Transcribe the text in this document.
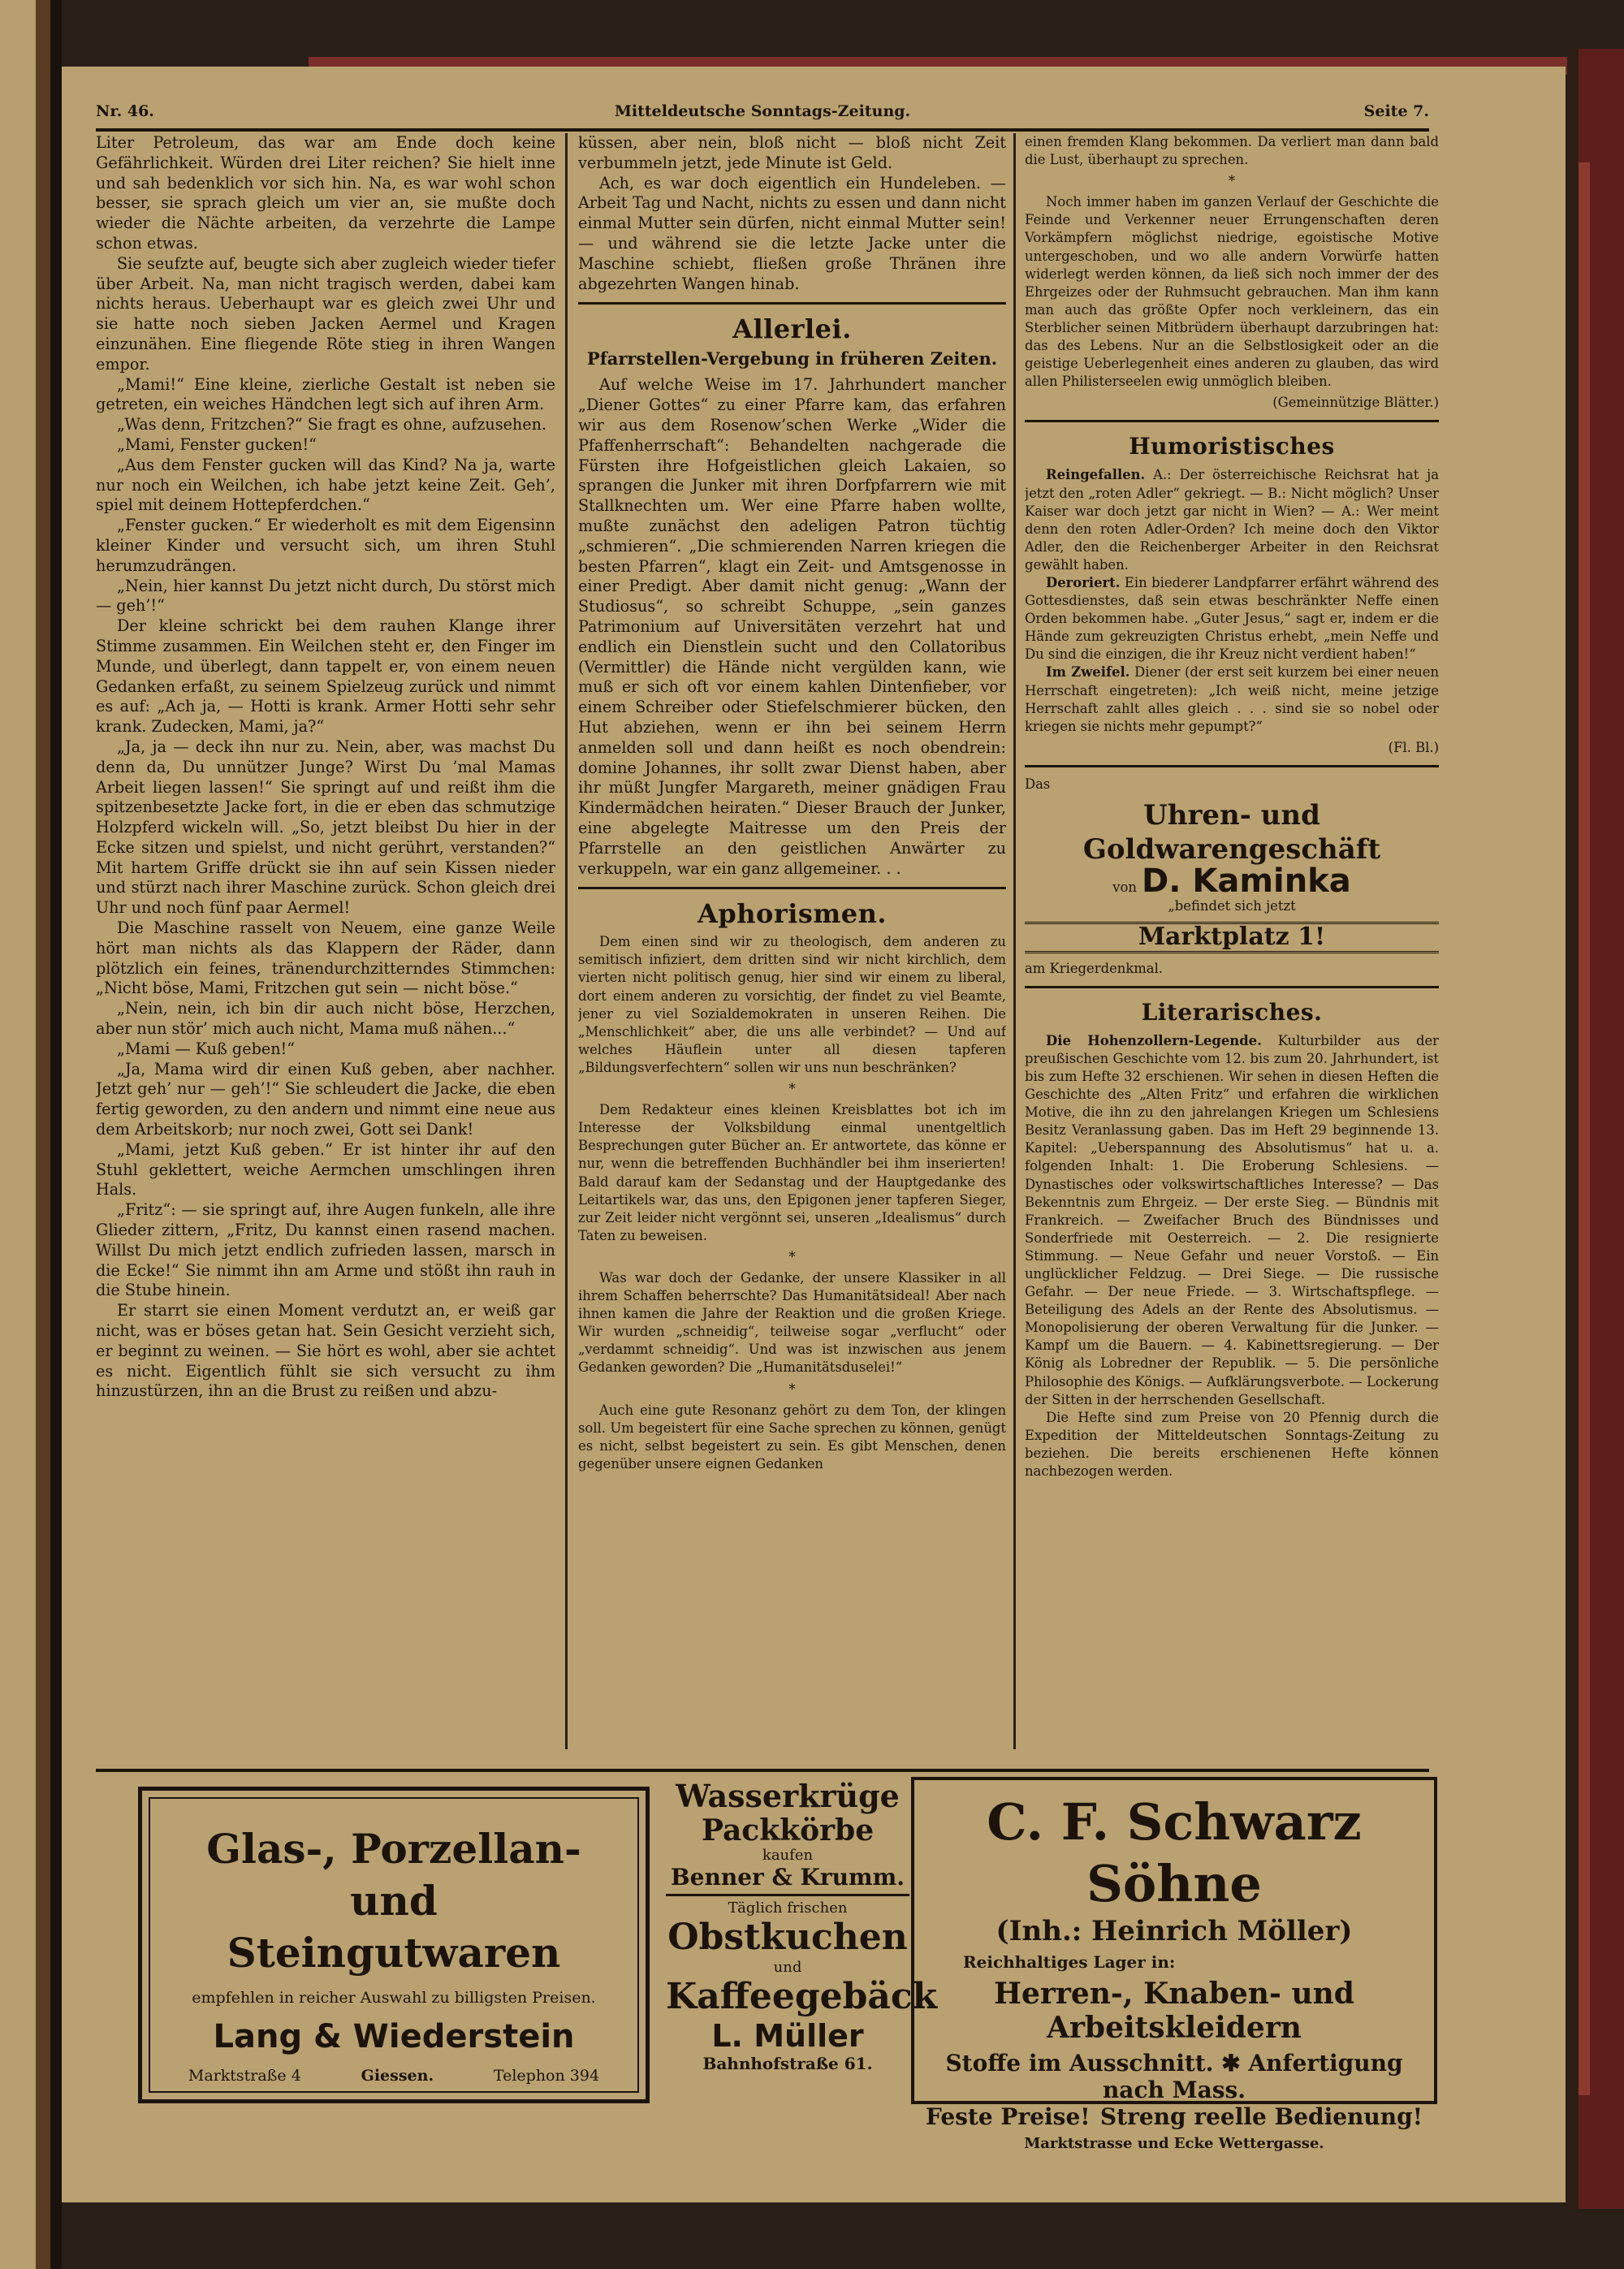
Nr. 46.	Mitteldeutsche Sonntags-Zeitung.	Seite 7.

Liter Petroleum, das war am Ende doch keine Gefährlichkeit. Würden drei Liter reichen? Sie hielt inne und sah bedenklich vor sich hin. Na, es war wohl schon besser, sie sprach gleich um vier an, sie mußte doch wieder die Nächte arbeiten, da verzehrte die Lampe schon etwas.

Sie seufzte auf, beugte sich aber zugleich wieder tiefer über Arbeit. Na, man nicht tragisch werden, dabei kam nichts heraus. Ueberhaupt war es gleich zwei Uhr und sie hatte noch sieben Jacken Aermel und Kragen einzunähen. Eine fliegende Röte stieg in ihren Wangen empor.

„Mami!“ Eine kleine, zierliche Gestalt ist neben sie getreten, ein weiches Händchen legt sich auf ihren Arm.

„Was denn, Fritzchen?“ Sie fragt es ohne, aufzusehen.

„Mami, Fenster gucken!“

„Aus dem Fenster gucken will das Kind? Na ja, warte nur noch ein Weilchen, ich habe jetzt keine Zeit. Geh’, spiel mit deinem Hottepferdchen.“

„Fenster gucken.“ Er wiederholt es mit dem Eigensinn kleiner Kinder und versucht sich, um ihren Stuhl herumzudrängen.

„Nein, hier kannst Du jetzt nicht durch, Du störst mich — geh’!“

Der kleine schrickt bei dem rauhen Klange ihrer Stimme zusammen. Ein Weilchen steht er, den Finger im Munde, und überlegt, dann tappelt er, von einem neuen Gedanken erfaßt, zu seinem Spielzeug zurück und nimmt es auf: „Ach ja, — Hotti is krank. Armer Hotti sehr sehr krank. Zudecken, Mami, ja?“

„Ja, ja — deck ihn nur zu. Nein, aber, was machst Du denn da, Du unnützer Junge? Wirst Du ’mal Mamas Arbeit liegen lassen!“ Sie springt auf und reißt ihm die spitzenbesetzte Jacke fort, in die er eben das schmutzige Holzpferd wickeln will. „So, jetzt bleibst Du hier in der Ecke sitzen und spielst, und nicht gerührt, verstanden?“ Mit hartem Griffe drückt sie ihn auf sein Kissen nieder und stürzt nach ihrer Maschine zurück. Schon gleich drei Uhr und noch fünf paar Aermel!

Die Maschine rasselt von Neuem, eine ganze Weile hört man nichts als das Klappern der Räder, dann plötzlich ein feines, tränendurchzitterndes Stimmchen: „Nicht böse, Mami, Fritzchen gut sein — nicht böse.“

„Nein, nein, ich bin dir auch nicht böse, Herzchen, aber nun stör’ mich auch nicht, Mama muß nähen...“

„Mami — Kuß geben!“

„Ja, Mama wird dir einen Kuß geben, aber nachher. Jetzt geh’ nur — geh’!“ Sie schleudert die Jacke, die eben fertig geworden, zu den andern und nimmt eine neue aus dem Arbeitskorb; nur noch zwei, Gott sei Dank!

„Mami, jetzt Kuß geben.“ Er ist hinter ihr auf den Stuhl geklettert, weiche Aermchen umschlingen ihren Hals.

„Fritz“: — sie springt auf, ihre Augen funkeln, alle ihre Glieder zittern, „Fritz, Du kannst einen rasend machen. Willst Du mich jetzt endlich zufrieden lassen, marsch in die Ecke!“ Sie nimmt ihn am Arme und stößt ihn rauh in die Stube hinein.

Er starrt sie einen Moment verdutzt an, er weiß gar nicht, was er böses getan hat. Sein Gesicht verzieht sich, er beginnt zu weinen. — Sie hört es wohl, aber sie achtet es nicht. Eigentlich fühlt sie sich versucht zu ihm hinzustürzen, ihn an die Brust zu reißen und abzu-

küssen, aber nein, bloß nicht — bloß nicht Zeit verbummeln jetzt, jede Minute ist Geld.

Ach, es war doch eigentlich ein Hundeleben. — Arbeit Tag und Nacht, nichts zu essen und dann nicht einmal Mutter sein dürfen, nicht einmal Mutter sein! — und während sie die letzte Jacke unter die Maschine schiebt, fließen große Thränen ihre abgezehrten Wangen hinab.

Allerlei.
Pfarrstellen-Vergebung in früheren Zeiten.

Auf welche Weise im 17. Jahrhundert mancher „Diener Gottes“ zu einer Pfarre kam, das erfahren wir aus dem Rosenow’schen Werke „Wider die Pfaffenherrschaft“: Behandelten nachgerade die Fürsten ihre Hofgeistlichen gleich Lakaien, so sprangen die Junker mit ihren Dorfpfarrern wie mit Stallknechten um. Wer eine Pfarre haben wollte, mußte zunächst den adeligen Patron tüchtig „schmieren“. „Die schmierenden Narren kriegen die besten Pfarren“, klagt ein Zeit- und Amtsgenosse in einer Predigt. Aber damit nicht genug: „Wann der Studiosus“, so schreibt Schuppe, „sein ganzes Patrimonium auf Universitäten verzehrt hat und endlich ein Dienstlein sucht und den Collatoribus (Vermittler) die Hände nicht vergülden kann, wie muß er sich oft vor einem kahlen Dintenfieber, vor einem Schreiber oder Stiefelschmierer bücken, den Hut abziehen, wenn er ihn bei seinem Herrn anmelden soll und dann heißt es noch obendrein: domine Johannes, ihr sollt zwar Dienst haben, aber ihr müßt Jungfer Margareth, meiner gnädigen Frau Kindermädchen heiraten.“ Dieser Brauch der Junker, eine abgelegte Maitresse um den Preis der Pfarrstelle an den geistlichen Anwärter zu verkuppeln, war ein ganz allgemeiner. . .

Aphorismen.

Dem einen sind wir zu theologisch, dem anderen zu semitisch infiziert, dem dritten sind wir nicht kirchlich, dem vierten nicht politisch genug, hier sind wir einem zu liberal, dort einem anderen zu vorsichtig, der findet zu viel Beamte, jener zu viel Sozialdemokraten in unseren Reihen. Die „Menschlichkeit“ aber, die uns alle verbindet? — Und auf welches Häuflein unter all diesen tapferen „Bildungsverfechtern“ sollen wir uns nun beschränken?

*

Dem Redakteur eines kleinen Kreisblattes bot ich im Interesse der Volksbildung einmal unentgeltlich Besprechungen guter Bücher an. Er antwortete, das könne er nur, wenn die betreffenden Buchhändler bei ihm inserierten! Bald darauf kam der Sedanstag und der Hauptgedanke des Leitartikels war, das uns, den Epigonen jener tapferen Sieger, zur Zeit leider nicht vergönnt sei, unseren „Idealismus“ durch Taten zu beweisen.

*

Was war doch der Gedanke, der unsere Klassiker in all ihrem Schaffen beherrschte? Das Humanitätsideal! Aber nach ihnen kamen die Jahre der Reaktion und die großen Kriege. Wir wurden „schneidig“, teilweise sogar „verflucht“ oder „verdammt schneidig“. Und was ist inzwischen aus jenem Gedanken geworden? Die „Humanitätsduselei!“

*

Auch eine gute Resonanz gehört zu dem Ton, der klingen soll. Um begeistert für eine Sache sprechen zu können, genügt es nicht, selbst begeistert zu sein. Es gibt Menschen, denen gegenüber unsere eignen Gedanken

einen fremden Klang bekommen. Da verliert man dann bald die Lust, überhaupt zu sprechen.

*

Noch immer haben im ganzen Verlauf der Geschichte die Feinde und Verkenner neuer Errungenschaften deren Vorkämpfern möglichst niedrige, egoistische Motive untergeschoben, und wo alle andern Vorwürfe hatten widerlegt werden können, da ließ sich noch immer der des Ehrgeizes oder der Ruhmsucht gebrauchen. Man ihm kann man auch das größte Opfer noch verkleinern, das ein Sterblicher seinen Mitbrüdern überhaupt darzubringen hat: das des Lebens. Nur an die Selbstlosigkeit oder an die geistige Ueberlegenheit eines anderen zu glauben, das wird allen Philisterseelen ewig unmöglich bleiben.

(Gemeinnützige Blätter.)
Humoristisches

Reingefallen. A.: Der österreichische Reichsrat hat ja jetzt den „roten Adler“ gekriegt. — B.: Nicht möglich? Unser Kaiser war doch jetzt gar nicht in Wien? — A.: Wer meint denn den roten Adler-Orden? Ich meine doch den Viktor Adler, den die Reichenberger Arbeiter in den Reichsrat gewählt haben.

Deroriert. Ein biederer Landpfarrer erfährt während des Gottesdienstes, daß sein etwas beschränkter Neffe einen Orden bekommen habe. „Guter Jesus,“ sagt er, indem er die Hände zum gekreuzigten Christus erhebt, „mein Neffe und Du sind die einzigen, die ihr Kreuz nicht verdient haben!“

Im Zweifel. Diener (der erst seit kurzem bei einer neuen Herrschaft eingetreten): „Ich weiß nicht, meine jetzige Herrschaft zahlt alles gleich . . . sind sie so nobel oder kriegen sie nichts mehr gepumpt?“

(Fl. Bl.)
Das
Uhren- und Goldwarengeschäft
von D. Kaminka
„befindet sich jetzt
Marktplatz 1!
am Kriegerdenkmal.
Literarisches.

Die Hohenzollern-Legende. Kulturbilder aus der preußischen Geschichte vom 12. bis zum 20. Jahrhundert, ist bis zum Hefte 32 erschienen. Wir sehen in diesen Heften die Geschichte des „Alten Fritz“ und erfahren die wirklichen Motive, die ihn zu den jahrelangen Kriegen um Schlesiens Besitz Veranlassung gaben. Das im Heft 29 beginnende 13. Kapitel: „Ueberspannung des Absolutismus“ hat u. a. folgenden Inhalt: 1. Die Eroberung Schlesiens. — Dynastisches oder volkswirtschaftliches Interesse? — Das Bekenntnis zum Ehrgeiz. — Der erste Sieg. — Bündnis mit Frankreich. — Zweifacher Bruch des Bündnisses und Sonderfriede mit Oesterreich. — 2. Die resignierte Stimmung. — Neue Gefahr und neuer Vorstoß. — Ein unglücklicher Feldzug. — Drei Siege. — Die russische Gefahr. — Der neue Friede. — 3. Wirtschaftspflege. — Beteiligung des Adels an der Rente des Absolutismus. — Monopolisierung der oberen Verwaltung für die Junker. — Kampf um die Bauern. — 4. Kabinettsregierung. — Der König als Lobredner der Republik. — 5. Die persönliche Philosophie des Königs. — Aufklärungsverbote. — Lockerung der Sitten in der herrschenden Gesellschaft.

Die Hefte sind zum Preise von 20 Pfennig durch die Expedition der Mitteldeutschen Sonntags-Zeitung zu beziehen. Die bereits erschienenen Hefte können nachbezogen werden.

Glas-, Porzellan- und
Steingutwaren
empfehlen in reicher Auswahl zu billigsten Preisen.
Lang & Wiederstein
Marktstraße 4	Giessen.	Telephon 394
Wasserkrüge
Packkörbe
kaufen
Benner & Krumm.
Täglich frischen
Obstkuchen
und
Kaffeegebäck
L. Müller
Bahnhofstraße 61.
C. F. Schwarz Söhne
(Inh.: Heinrich Möller)
Reichhaltiges Lager in:
Herren-, Knaben- und Arbeitskleidern
Stoffe im Ausschnitt. ✱ Anfertigung nach Mass.
Feste Preise! Streng reelle Bedienung!
Marktstrasse und Ecke Wettergasse.
